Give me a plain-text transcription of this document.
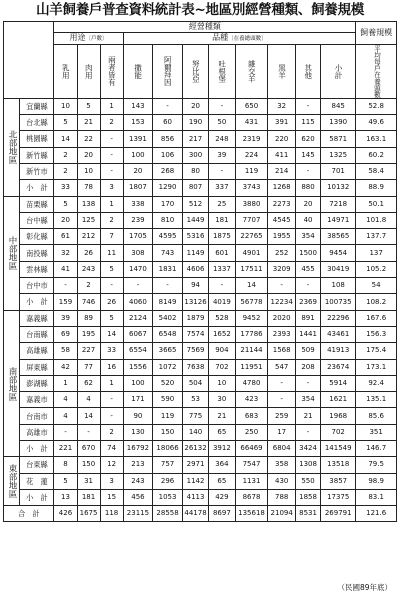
山羊飼養戶普查資料統計表~地區別經營種類、飼養規模
		經營種類											飼養規模
		用途〔戶數〕			品種〔在養總頭數〕								

		乳用	肉用	兩者皆有	撒能	阿爾拜因	努比亞	吐根堡	雜交羊	黑羊	其他	小計	平均每戶在養頭數

北部地區	宜蘭縣	10	5	1	143	-	20	-	650	32	-	845	52.8
	台北縣	5	21	2	153	60	190	50	431	391	115	1390	49.6
	桃園縣	14	22	-	1391	856	217	248	2319	220	620	5871	163.1
	新竹縣	2	20	-	100	106	300	39	224	411	145	1325	60.2
	新竹市	2	10	-	20	268	80	-	119	214	-	701	58.4
	小　計	33	78	3	1807	1290	807	337	3743	1268	880	10132	88.9

中部地區	苗栗縣	5	138	1	338	170	512	25	3880	2273	20	7218	50.1
	台中縣	20	125	2	239	810	1449	181	7707	4545	40	14971	101.8
	彰化縣	61	212	7	1705	4595	5316	1875	22765	1955	354	38565	137.7
	南投縣	32	26	11	308	743	1149	601	4901	252	1500	9454	137
	雲林縣	41	243	5	1470	1831	4606	1337	17511	3209	455	30419	105.2
	台中市	-	2	-	-	-	94	-	14	-	-	108	54
	小　計	159	746	26	4060	8149	13126	4019	56778	12234	2369	100735	108.2

南部地區	嘉義縣	39	89	5	2124	5402	1879	528	9452	2020	891	22296	167.6
	台南縣	69	195	14	6067	6548	7574	1652	17786	2393	1441	43461	156.3
	高雄縣	58	227	33	6554	3665	7569	904	21144	1568	509	41913	175.4
	屏東縣	42	77	16	1556	1072	7638	702	11951	547	208	23674	173.1
	澎湖縣	1	62	1	100	520	504	10	4780	-	-	5914	92.4
	嘉義市	4	4	-	171	590	53	30	423	-	354	1621	135.1
	台南市	4	14	-	90	119	775	21	683	259	21	1968	85.6
	高雄市	-	-	2	130	150	140	65	250	17	-	702	351
	小　計	221	670	74	16792	18066	26132	3912	66469	6804	3424	141549	146.7

東部地區	台東縣	8	150	12	213	757	2971	364	7547	358	1308	13518	79.5
	花　蓮	5	31	3	243	296	1142	65	1131	430	550	3857	98.9
	小　計	13	181	15	456	1053	4113	429	8678	788	1858	17375	83.1
合　計		426	1675	118	23115	28558	44178	8697	135618	21094	8531	269791	121.6
（民國89年底）
